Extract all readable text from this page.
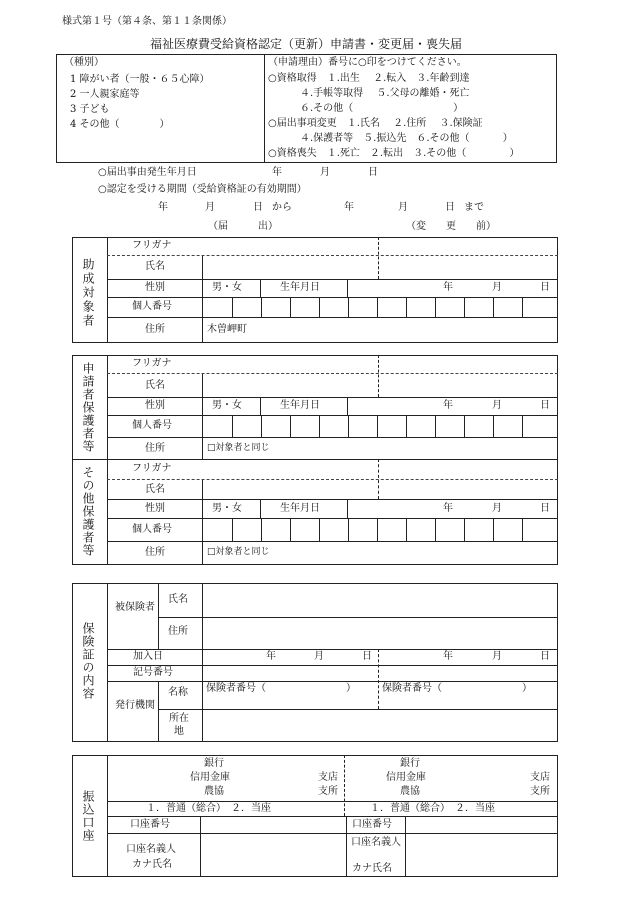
様式第１号（第４条、第１１条関係）
福祉医療費受給資格認定（更新）申請書・変更届・喪失届
（種別）
1 障がい者（一般・６５心障）
2 一人親家庭等
3 子ども
4 その他（　　　　）
（申請理由）番号に○印をつけてください。
○資格取得　１.出生　 ２.転入　３.年齢到達
４.手帳等取得　 ５.父母の離婚・死亡
６.その他（　　　　　　　　　　）
○届出事項変更　１.氏名　 ２.住所　 ３.保険証
４.保護者等　５.振込先　６.その他（　　　 ）
○資格喪失　１.死亡　２.転出　３.その他（　　　　 ）
○届出事由発生年月日	年	月	日
○認定を受ける期間（受給資格証の有効期間）
年	月	日 から	年	月	日 まで
（届　　　出）	（変　　更　　前）
助成対象者
フリガナ
氏名
性別	男・女	生年月日	年	月	日
個人番号
住所	木曽岬町
申請者保護者等	フリガナ
氏名
性別	男・女	生年月日	年	月	日
個人番号
住所	□対象者と同じ
その他保護者等	フリガナ
氏名
性別	男・女	生年月日	年	月	日
個人番号
住所	□対象者と同じ
保険証の内容
被保険者
氏名
住所
加入日	年	月	日	年	月	日
記号番号
発行機関
名称 保険者番号（　　　　　　　　）	保険者番号（　　　　　　　　）
所在地
振込口座
銀行
信用金庫	支店
農協	支所
銀行
信用金庫	支店
農協	支所
１．普通（総合）　２．当座	１．普通（総合）　２．当座
口座番号	口座番号
口座名義人
カナ氏名
口座名義人
カナ氏名
